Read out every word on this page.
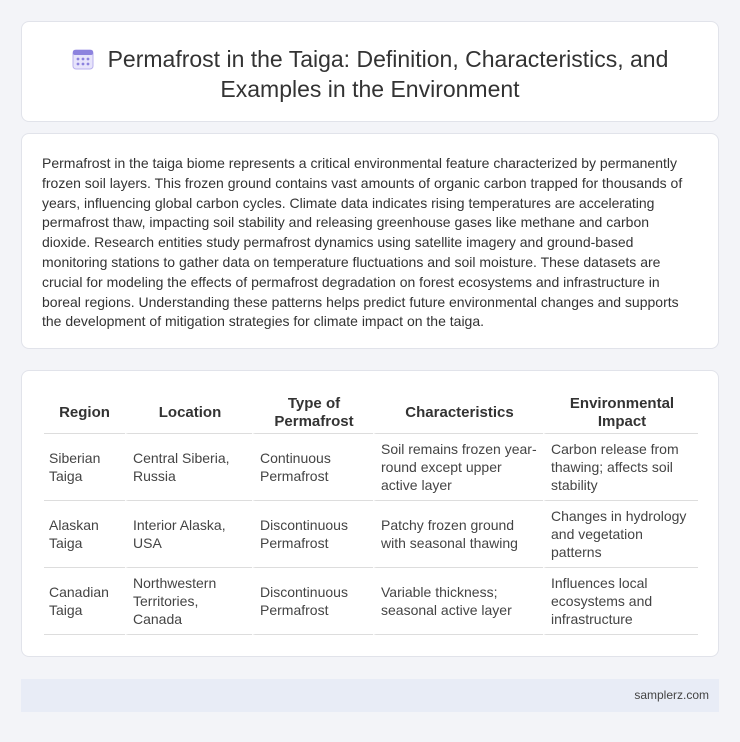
Permafrost in the Taiga: Definition, Characteristics, and Examples in the Environment

Permafrost in the taiga biome represents a critical environmental feature characterized by permanently frozen soil layers. This frozen ground contains vast amounts of organic carbon trapped for thousands of years, influencing global carbon cycles. Climate data indicates rising temperatures are accelerating permafrost thaw, impacting soil stability and releasing greenhouse gases like methane and carbon dioxide. Research entities study permafrost dynamics using satellite imagery and ground-based monitoring stations to gather data on temperature fluctuations and soil moisture. These datasets are crucial for modeling the effects of permafrost degradation on forest ecosystems and infrastructure in boreal regions. Understanding these patterns helps predict future environmental changes and supports the development of mitigation strategies for climate impact on the taiga.

Region	Location	Type of Permafrost	Characteristics	Environmental Impact
Siberian Taiga	Central Siberia, Russia	Continuous Permafrost	Soil remains frozen year-round except upper active layer	Carbon release from thawing; affects soil stability
Alaskan Taiga	Interior Alaska, USA	Discontinuous Permafrost	Patchy frozen ground with seasonal thawing	Changes in hydrology and vegetation patterns
Canadian Taiga	Northwestern Territories, Canada	Discontinuous Permafrost	Variable thickness; seasonal active layer	Influences local ecosystems and infrastructure
samplerz.com
